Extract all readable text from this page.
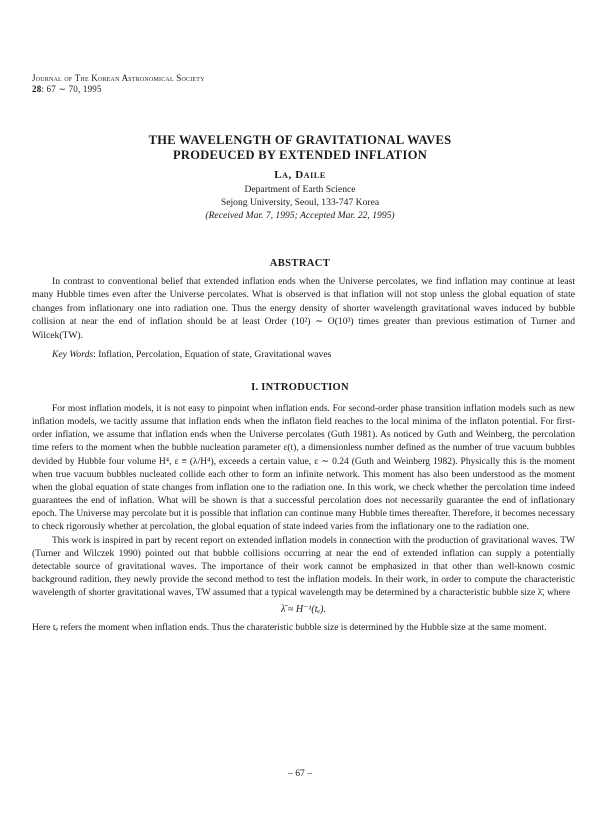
Journal of The Korean Astronomical Society
28: 67 ∼ 70, 1995
THE WAVELENGTH OF GRAVITATIONAL WAVES
PRODEUCED BY EXTENDED INFLATION
La, Daile
Department of Earth Science
Sejong University, Seoul, 133-747 Korea
(Received Mar. 7, 1995; Accepted Mar. 22, 1995)
ABSTRACT

In contrast to conventional belief that extended inflation ends when the Universe percolates, we find inflation may continue at least many Hubble times even after the Universe percolates. What is observed is that inflation will not stop unless the global equation of state changes from inflationary one into radiation one. Thus the energy density of shorter wavelength gravitational waves induced by bubble collision at near the end of inflation should be at least Order (10²) ∼ O(10³) times greater than previous estimation of Turner and Wilcek(TW).

Key Words: Inflation, Percolation, Equation of state, Gravitational waves
I. INTRODUCTION

For most inflation models, it is not easy to pinpoint when inflation ends. For second-order phase transition inflation models such as new inflation models, we tacitly assume that inflation ends when the inflaton field reaches to the local minima of the inflaton potential. For first-order inflation, we assume that inflation ends when the Universe percolates (Guth 1981). As noticed by Guth and Weinberg, the percolation time refers to the moment when the bubble nucleation parameter ε(t), a dimensionless number defined as the number of true vacuum bubbles devided by Hubble four volume H⁴, ε ≡ (λ/H⁴), exceeds a certain value, ε ∼ 0.24 (Guth and Weinberg 1982). Physically this is the moment when true vacuum bubbles nucleated collide each other to form an infinite network. This moment has also been understood as the moment when the global equation of state changes from inflation one to the radiation one. In this work, we check whether the percolation time indeed guarantees the end of inflation. What will be shown is that a successful percolation does not necessarily guarantee the end of inflationary epoch. The Universe may percolate but it is possible that inflation can continue many Hubble times thereafter. Therefore, it becomes necessary to check rigorously whether at percolation, the global equation of state indeed varies from the inflationary one to the radiation one.

This work is inspired in part by recent report on extended inflation models in connection with the production of gravitational waves. TW (Turner and Wilczek 1990) pointed out that bubble collisions occurring at near the end of extended inflation can supply a potentially detectable source of gravitational waves. The importance of their work cannot be emphasized in that other than well-known cosmic background radition, they newly provide the second method to test the inflation models. In their work, in order to compute the characteristic wavelength of shorter gravitational waves, TW assumed that a typical wavelength may be determined by a characteristic bubble size λ̄, where

λ̄ ≈ H⁻¹(tₑ).

Here tₑ refers the moment when inflation ends. Thus the charateristic bubble size is determined by the Hubble size at the same moment.

– 67 –
